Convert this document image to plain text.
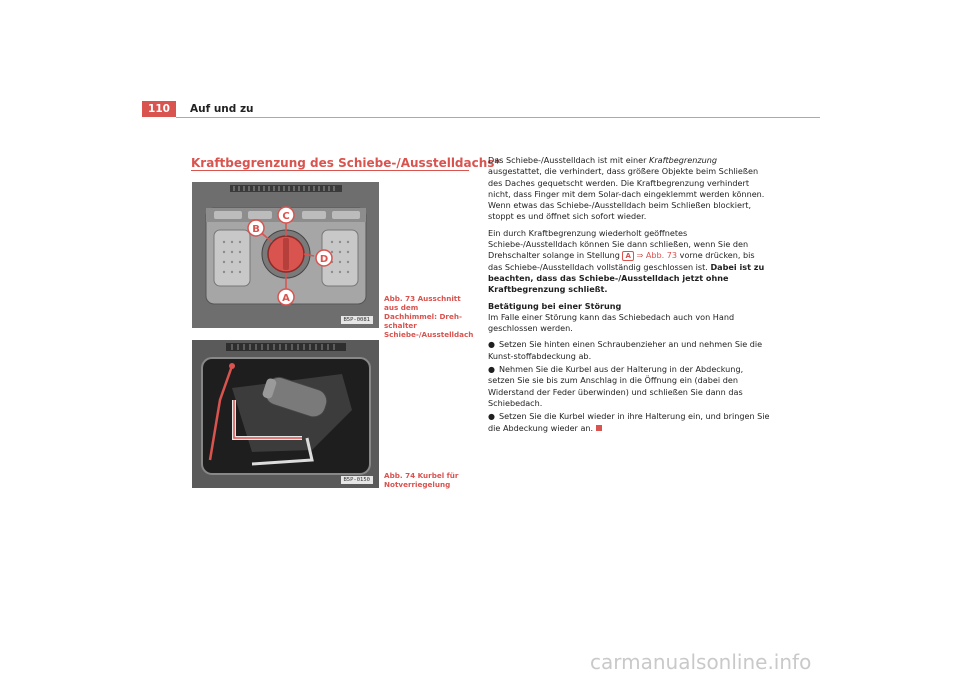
110	Auf und zu
Kraftbegrenzung des Schiebe-/Ausstelldachs*
C
B
D
A
B5P-0081
Abb. 73 Ausschnitt aus dem Dachhimmel: Dreh-schalter Schiebe-/Ausstelldach
B5P-0150	Abb. 74 Kurbel für Notverriegelung

Das Schiebe-/Ausstelldach ist mit einer Kraftbegrenzung ausgestattet, die verhindert, dass größere Objekte beim Schließen des Daches gequetscht werden. Die Kraftbegrenzung verhindert nicht, dass Finger mit dem Solar-dach eingeklemmt werden können. Wenn etwas das Schiebe-/Ausstelldach beim Schließen blockiert, stoppt es und öffnet sich sofort wieder.

Ein durch Kraftbegrenzung wiederholt geöffnetes Schiebe-/Ausstelldach können Sie dann schließen, wenn Sie den Drehschalter solange in Stellung A ⇒ Abb. 73 vorne drücken, bis das Schiebe-/Ausstelldach vollständig geschlossen ist. Dabei ist zu beachten, dass das Schiebe-/Ausstelldach jetzt ohne Kraftbegrenzung schließt.

Betätigung bei einer Störung

Im Falle einer Störung kann das Schiebedach auch von Hand geschlossen werden.

● Setzen Sie hinten einen Schraubenzieher an und nehmen Sie die Kunst-stoffabdeckung ab.
● Nehmen Sie die Kurbel aus der Halterung in der Abdeckung, setzen Sie sie bis zum Anschlag in die Öffnung ein (dabei den Widerstand der Feder überwinden) und schließen Sie dann das Schiebedach.
● Setzen Sie die Kurbel wieder in ihre Halterung ein, und bringen Sie die Abdeckung wieder an.
carmanualsonline.info
